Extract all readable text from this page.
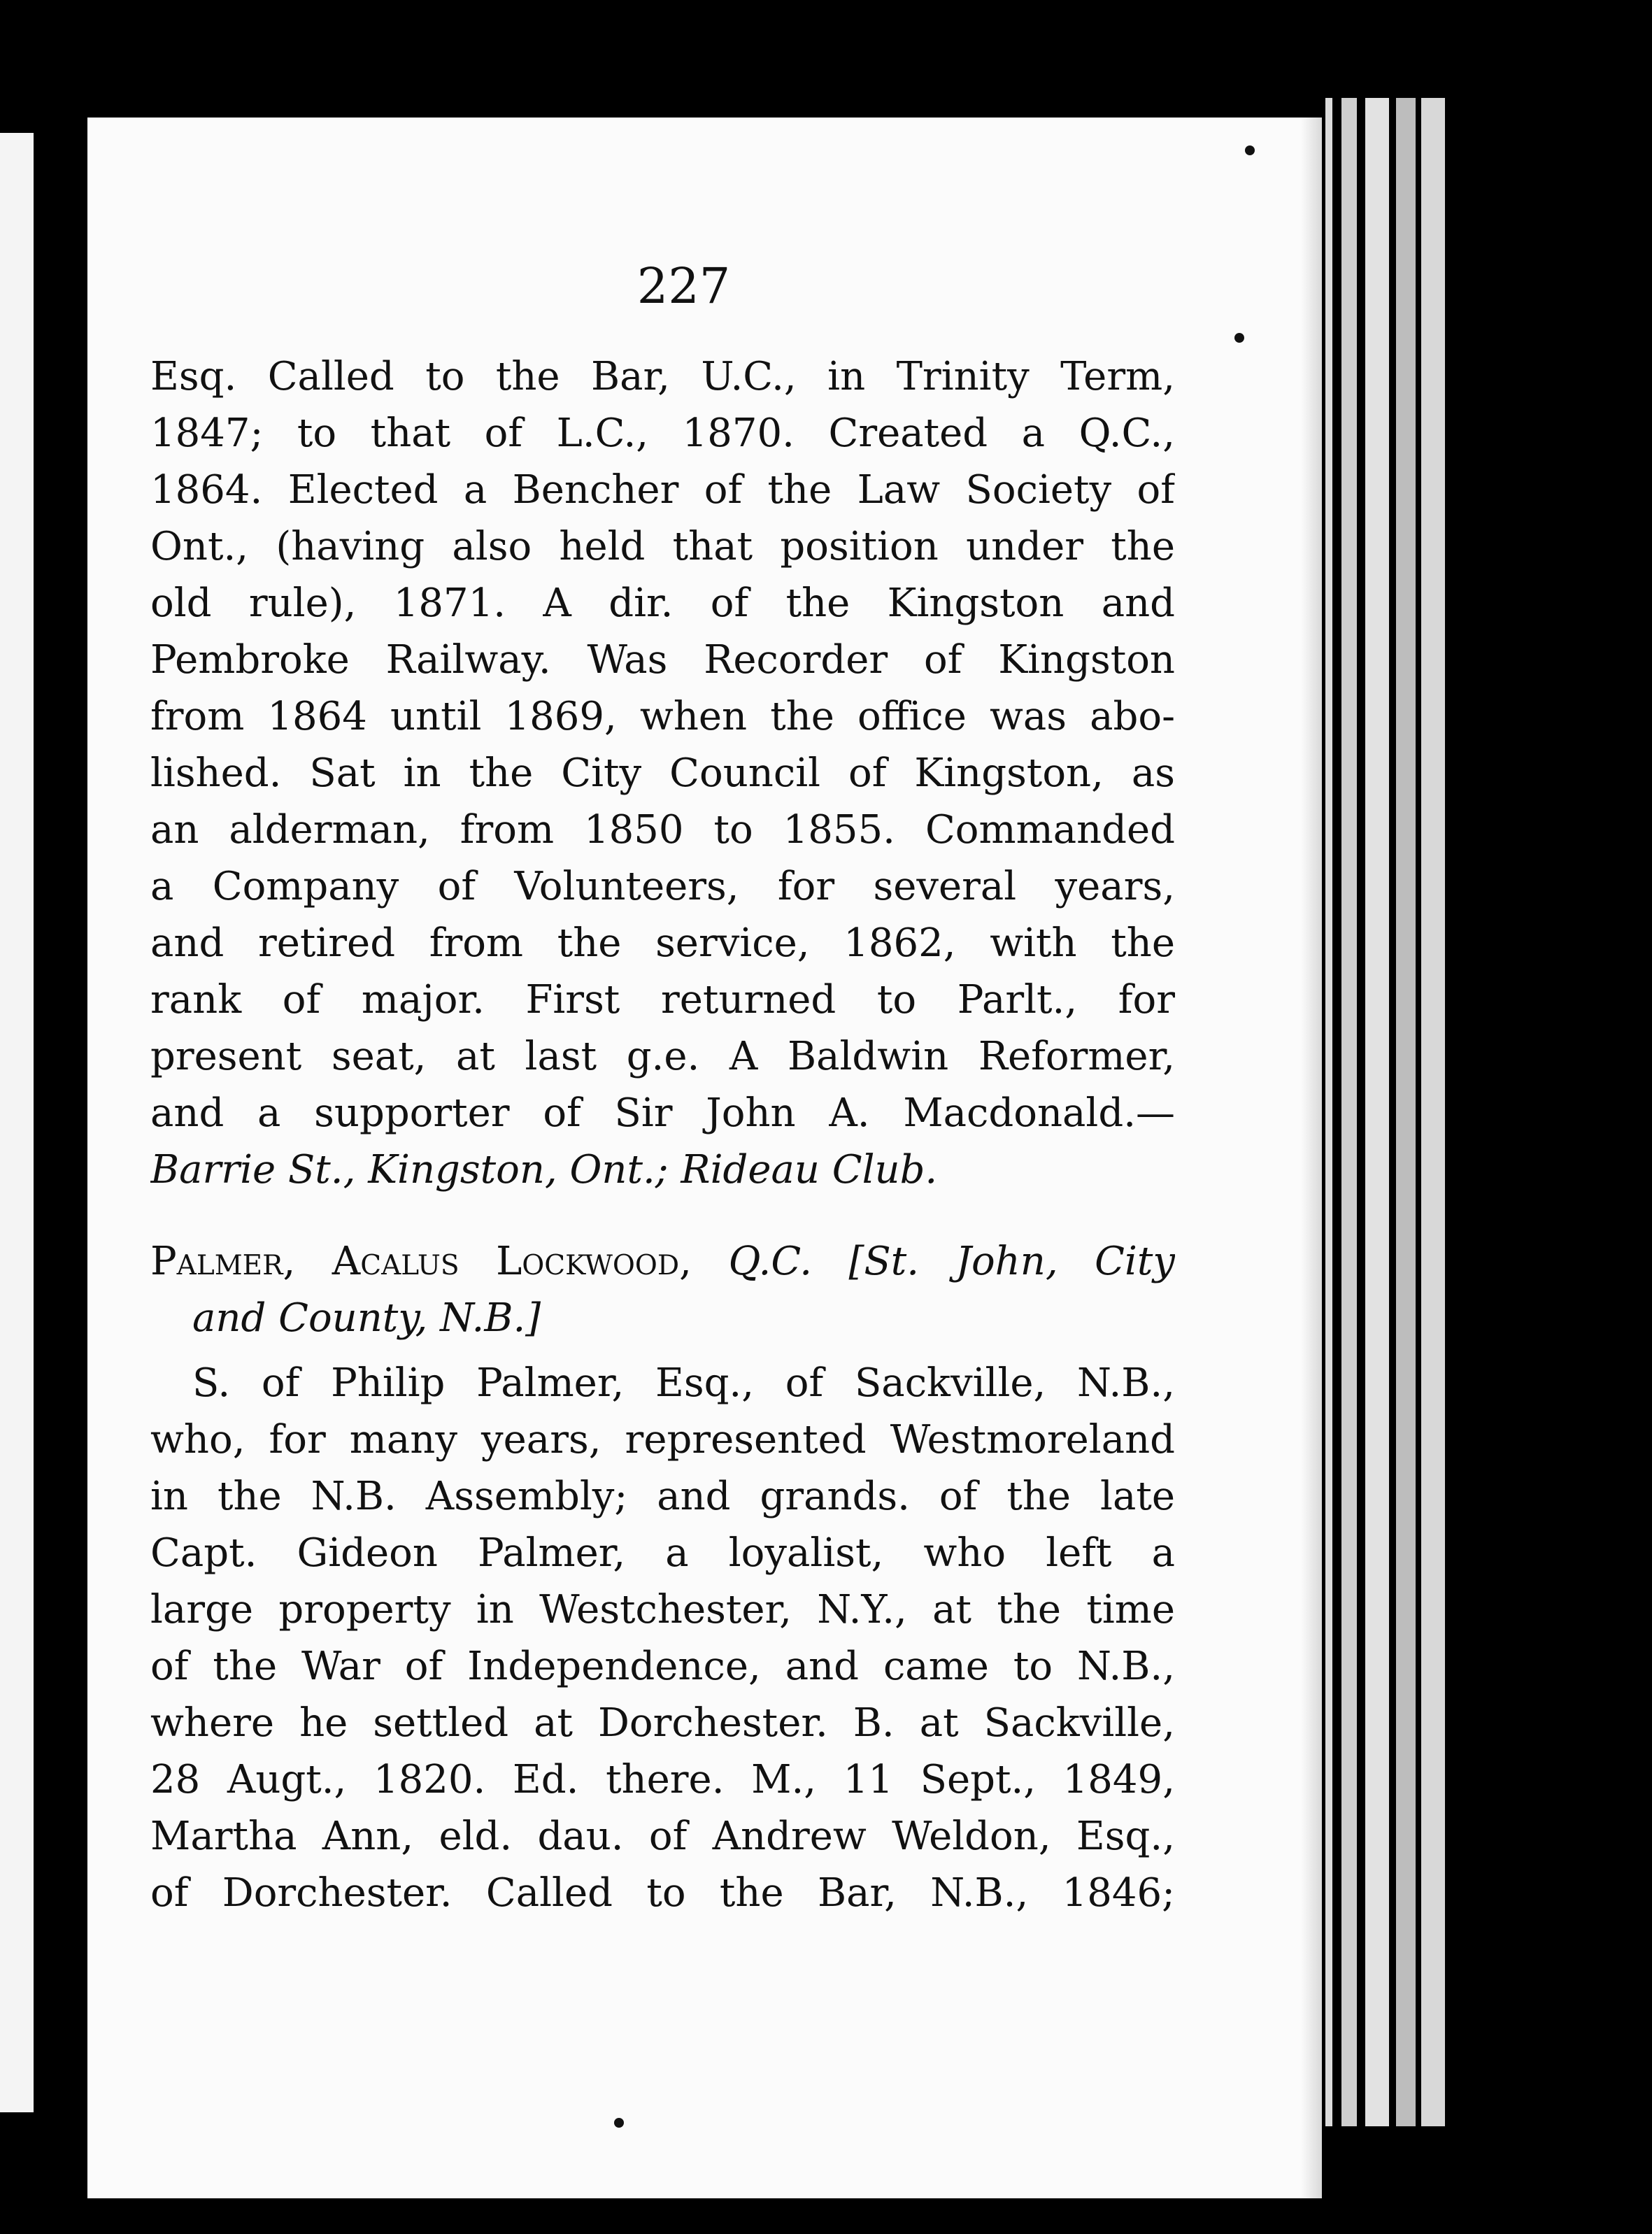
227
Esq. Called to the Bar, U.C., in Trinity Term,
1847; to that of L.C., 1870. Created a Q.C.,
1864. Elected a Bencher of the Law Society of
Ont., (having also held that position under the
old rule), 1871. A dir. of the Kingston and
Pembroke Railway. Was Recorder of Kingston
from 1864 until 1869, when the office was abo-
lished. Sat in the City Council of Kingston, as
an alderman, from 1850 to 1855. Commanded
a Company of Volunteers, for several years,
and retired from the service, 1862, with the
rank of major. First returned to Parlt., for
present seat, at last g.e. A Baldwin Reformer,
and a supporter of Sir John A. Macdonald.—
Barrie St., Kingston, Ont.; Rideau Club.
Palmer, Acalus Lockwood, Q.C. [St. John, City
and County, N.B.]
S. of Philip Palmer, Esq., of Sackville, N.B.,
who, for many years, represented Westmoreland
in the N.B. Assembly; and grands. of the late
Capt. Gideon Palmer, a loyalist, who left a
large property in Westchester, N.Y., at the time
of the War of Independence, and came to N.B.,
where he settled at Dorchester. B. at Sackville,
28 Augt., 1820. Ed. there. M., 11 Sept., 1849,
Martha Ann, eld. dau. of Andrew Weldon, Esq.,
of Dorchester. Called to the Bar, N.B., 1846;
